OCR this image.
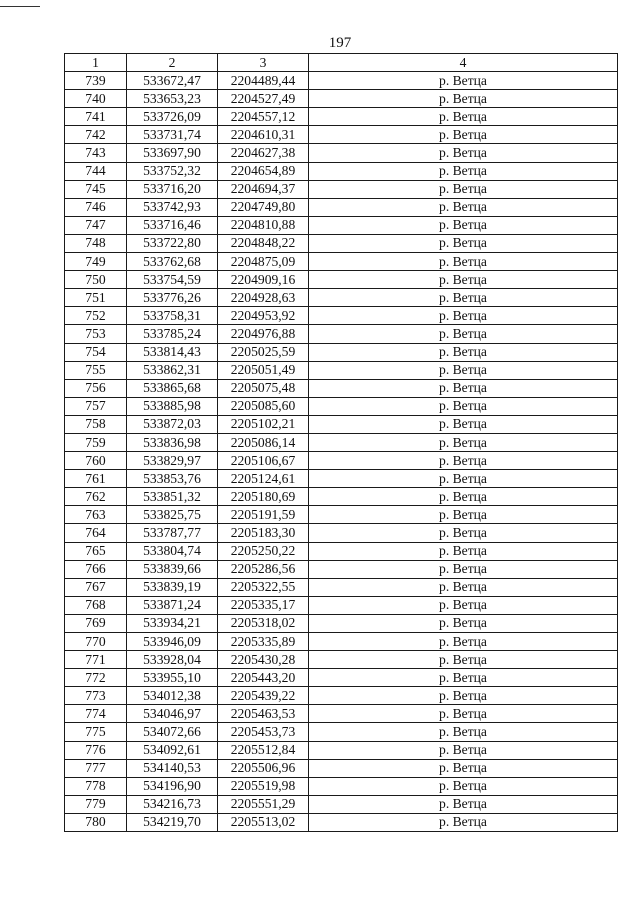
197
1	2	3	4
739	533672,47	2204489,44	р. Ветца
740	533653,23	2204527,49	р. Ветца
741	533726,09	2204557,12	р. Ветца
742	533731,74	2204610,31	р. Ветца
743	533697,90	2204627,38	р. Ветца
744	533752,32	2204654,89	р. Ветца
745	533716,20	2204694,37	р. Ветца
746	533742,93	2204749,80	р. Ветца
747	533716,46	2204810,88	р. Ветца
748	533722,80	2204848,22	р. Ветца
749	533762,68	2204875,09	р. Ветца
750	533754,59	2204909,16	р. Ветца
751	533776,26	2204928,63	р. Ветца
752	533758,31	2204953,92	р. Ветца
753	533785,24	2204976,88	р. Ветца
754	533814,43	2205025,59	р. Ветца
755	533862,31	2205051,49	р. Ветца
756	533865,68	2205075,48	р. Ветца
757	533885,98	2205085,60	р. Ветца
758	533872,03	2205102,21	р. Ветца
759	533836,98	2205086,14	р. Ветца
760	533829,97	2205106,67	р. Ветца
761	533853,76	2205124,61	р. Ветца
762	533851,32	2205180,69	р. Ветца
763	533825,75	2205191,59	р. Ветца
764	533787,77	2205183,30	р. Ветца
765	533804,74	2205250,22	р. Ветца
766	533839,66	2205286,56	р. Ветца
767	533839,19	2205322,55	р. Ветца
768	533871,24	2205335,17	р. Ветца
769	533934,21	2205318,02	р. Ветца
770	533946,09	2205335,89	р. Ветца
771	533928,04	2205430,28	р. Ветца
772	533955,10	2205443,20	р. Ветца
773	534012,38	2205439,22	р. Ветца
774	534046,97	2205463,53	р. Ветца
775	534072,66	2205453,73	р. Ветца
776	534092,61	2205512,84	р. Ветца
777	534140,53	2205506,96	р. Ветца
778	534196,90	2205519,98	р. Ветца
779	534216,73	2205551,29	р. Ветца
780	534219,70	2205513,02	р. Ветца
